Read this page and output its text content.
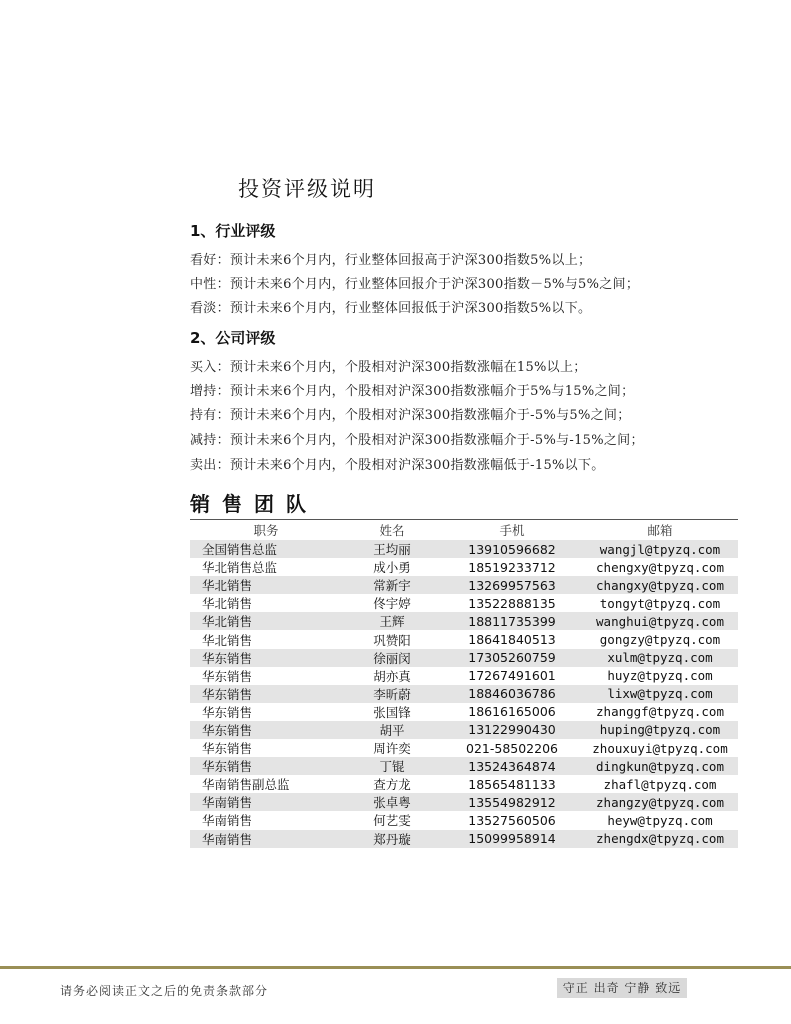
投资评级说明
1、行业评级
看好：预计未来6个月内，行业整体回报高于沪深300指数5%以上；
中性：预计未来6个月内，行业整体回报介于沪深300指数－5%与5%之间；
看淡：预计未来6个月内，行业整体回报低于沪深300指数5%以下。
2、公司评级
买入：预计未来6个月内，个股相对沪深300指数涨幅在15%以上；
增持：预计未来6个月内，个股相对沪深300指数涨幅介于5%与15%之间；
持有：预计未来6个月内，个股相对沪深300指数涨幅介于-5%与5%之间；
减持：预计未来6个月内，个股相对沪深300指数涨幅介于-5%与-15%之间；
卖出：预计未来6个月内，个股相对沪深300指数涨幅低于-15%以下。
销售团队
职务	姓名	手机	邮箱
全国销售总监	王均丽	13910596682	wangjl@tpyzq.com
华北销售总监	成小勇	18519233712	chengxy@tpyzq.com
华北销售	常新宇	13269957563	changxy@tpyzq.com
华北销售	佟宇婷	13522888135	tongyt@tpyzq.com
华北销售	王辉	18811735399	wanghui@tpyzq.com
华北销售	巩赞阳	18641840513	gongzy@tpyzq.com
华东销售	徐丽闵	17305260759	xulm@tpyzq.com
华东销售	胡亦真	17267491601	huyz@tpyzq.com
华东销售	李昕蔚	18846036786	lixw@tpyzq.com
华东销售	张国锋	18616165006	zhanggf@tpyzq.com
华东销售	胡平	13122990430	huping@tpyzq.com
华东销售	周许奕	021-58502206	zhouxuyi@tpyzq.com
华东销售	丁锟	13524364874	dingkun@tpyzq.com
华南销售副总监	查方龙	18565481133	zhafl@tpyzq.com
华南销售	张卓粤	13554982912	zhangzy@tpyzq.com
华南销售	何艺雯	13527560506	heyw@tpyzq.com
华南销售	郑丹璇	15099958914	zhengdx@tpyzq.com
请务必阅读正文之后的免责条款部分	守正 出奇 宁静 致远
